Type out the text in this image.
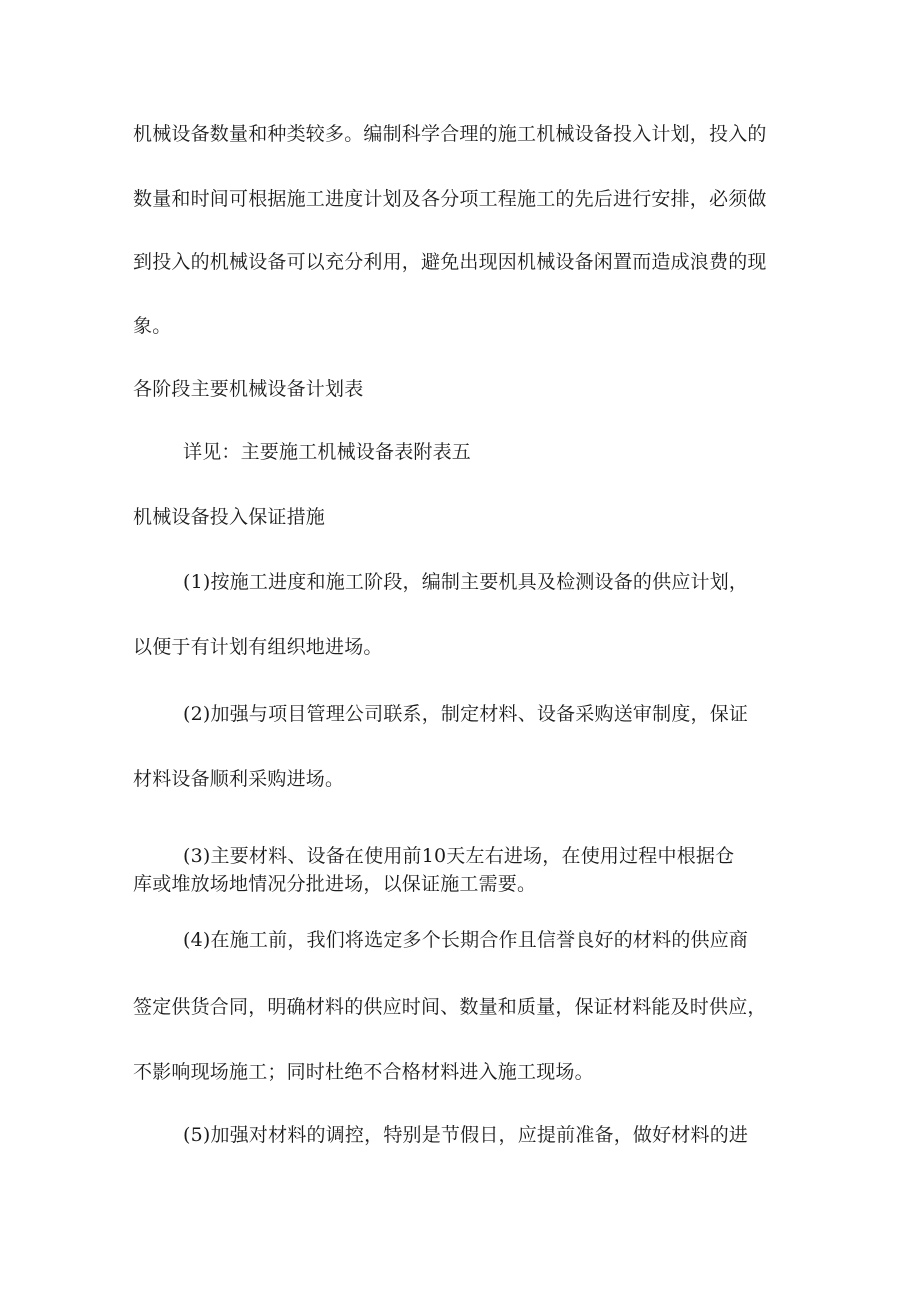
机械设备数量和种类较多。编制科学合理的施工机械设备投入计划，投入的
数量和时间可根据施工进度计划及各分项工程施工的先后进行安排，必须做
到投入的机械设备可以充分利用，避免出现因机械设备闲置而造成浪费的现
象。
各阶段主要机械设备计划表
详见：主要施工机械设备表附表五
机械设备投入保证措施
(1)按施工进度和施工阶段，编制主要机具及检测设备的供应计划，
以便于有计划有组织地进场。
(2)加强与项目管理公司联系，制定材料、设备采购送审制度，保证
材料设备顺利采购进场。
(3)主要材料、设备在使用前10天左右进场，在使用过程中根据仓
库或堆放场地情况分批进场，以保证施工需要。
(4)在施工前，我们将选定多个长期合作且信誉良好的材料的供应商
签定供货合同，明确材料的供应时间、数量和质量，保证材料能及时供应，
不影响现场施工；同时杜绝不合格材料进入施工现场。
(5)加强对材料的调控，特别是节假日，应提前准备，做好材料的进
